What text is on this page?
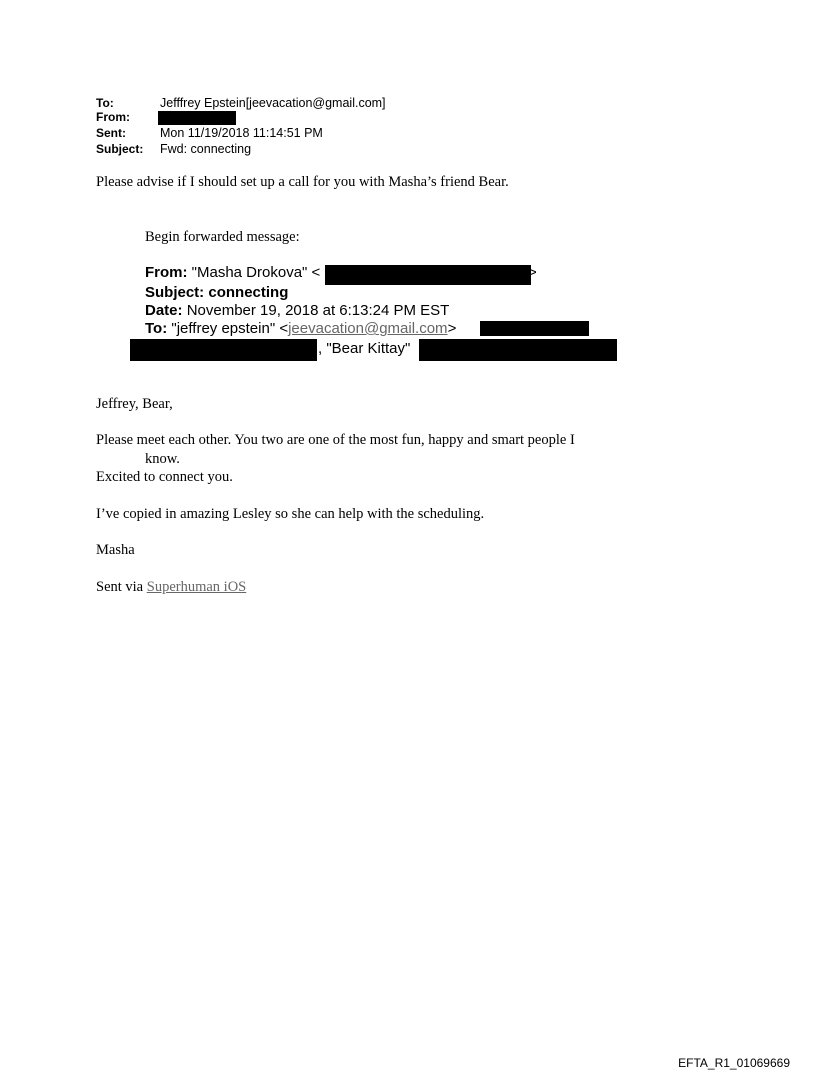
To:	Jefffrey Epstein[jeevacation@gmail.com]
From:
Sent:	Mon 11/19/2018 11:14:51 PM
Subject: Fwd: connecting
Please advise if I should set up a call for you with Masha’s friend Bear.
Begin forwarded message:
From: "Masha Drokova" <	>
Subject: connecting
Date: November 19, 2018 at 6:13:24 PM EST
To: "jeffrey epstein" <jeevacation@gmail.com>
, "Bear Kittay"
Jeffrey, Bear,
Please meet each other. You two are one of the most fun, happy and smart people I
know.
Excited to connect you.
I’ve copied in amazing Lesley so she can help with the scheduling.
Masha
Sent via Superhuman iOS
EFTA_R1_01069669
